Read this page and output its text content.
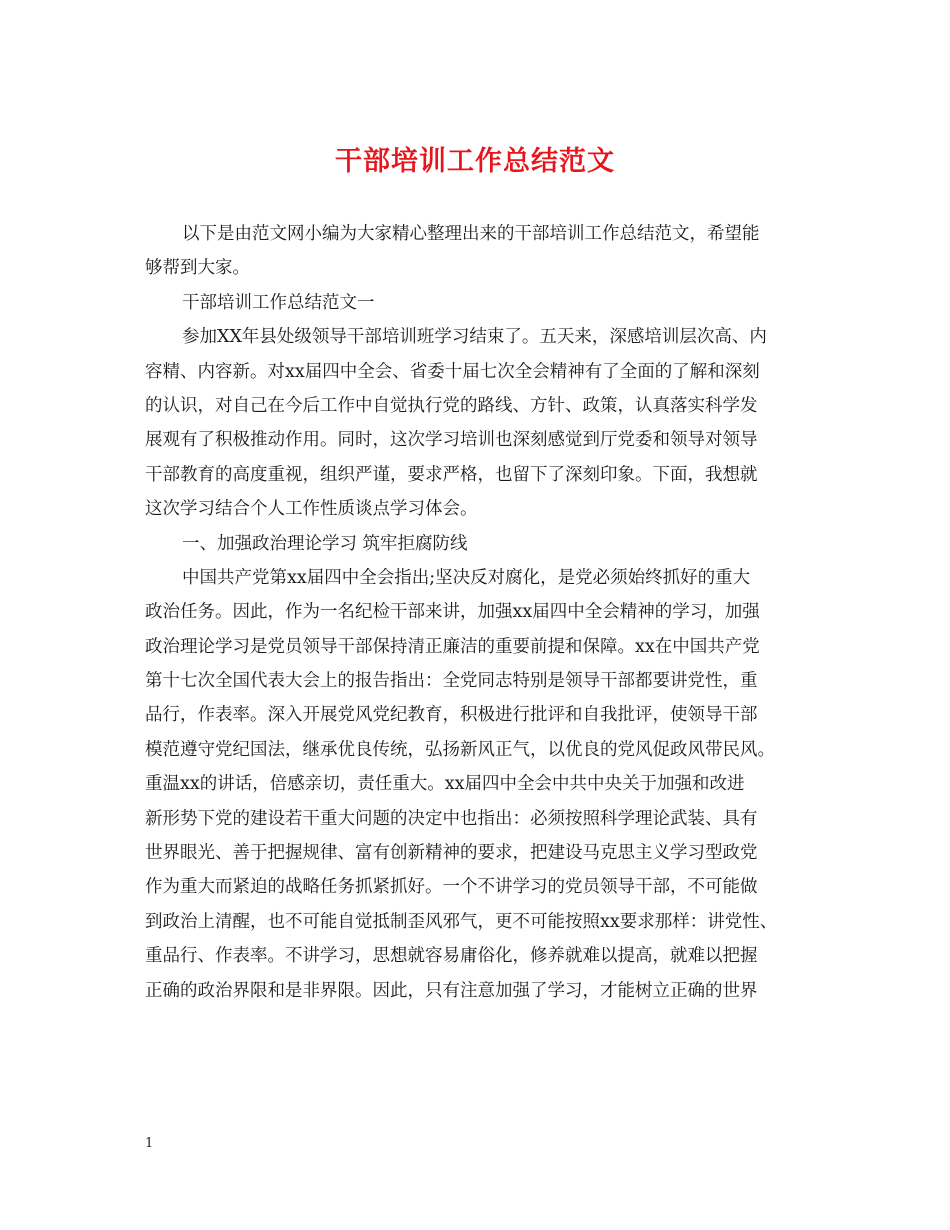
干部培训工作总结范文
以下是由范文网小编为大家精心整理出来的干部培训工作总结范文，希望能
够帮到大家。
干部培训工作总结范文一
参加XX年县处级领导干部培训班学习结束了。五天来，深感培训层次高、内
容精、内容新。对xx届四中全会、省委十届七次全会精神有了全面的了解和深刻
的认识，对自己在今后工作中自觉执行党的路线、方针、政策，认真落实科学发
展观有了积极推动作用。同时，这次学习培训也深刻感觉到厅党委和领导对领导
干部教育的高度重视，组织严谨，要求严格，也留下了深刻印象。下面，我想就
这次学习结合个人工作性质谈点学习体会。
一、加强政治理论学习 筑牢拒腐防线
中国共产党第xx届四中全会指出;坚决反对腐化，是党必须始终抓好的重大
政治任务。因此，作为一名纪检干部来讲，加强xx届四中全会精神的学习，加强
政治理论学习是党员领导干部保持清正廉洁的重要前提和保障。xx在中国共产党
第十七次全国代表大会上的报告指出：全党同志特别是领导干部都要讲党性，重
品行，作表率。深入开展党风党纪教育，积极进行批评和自我批评，使领导干部
模范遵守党纪国法，继承优良传统，弘扬新风正气，以优良的党风促政风带民风。
重温xx的讲话，倍感亲切，责任重大。xx届四中全会中共中央关于加强和改进
新形势下党的建设若干重大问题的决定中也指出：必须按照科学理论武装、具有
世界眼光、善于把握规律、富有创新精神的要求，把建设马克思主义学习型政党
作为重大而紧迫的战略任务抓紧抓好。一个不讲学习的党员领导干部，不可能做
到政治上清醒，也不可能自觉抵制歪风邪气，更不可能按照xx要求那样：讲党性、
重品行、作表率。不讲学习，思想就容易庸俗化，修养就难以提高，就难以把握
正确的政治界限和是非界限。因此，只有注意加强了学习，才能树立正确的世界
1
